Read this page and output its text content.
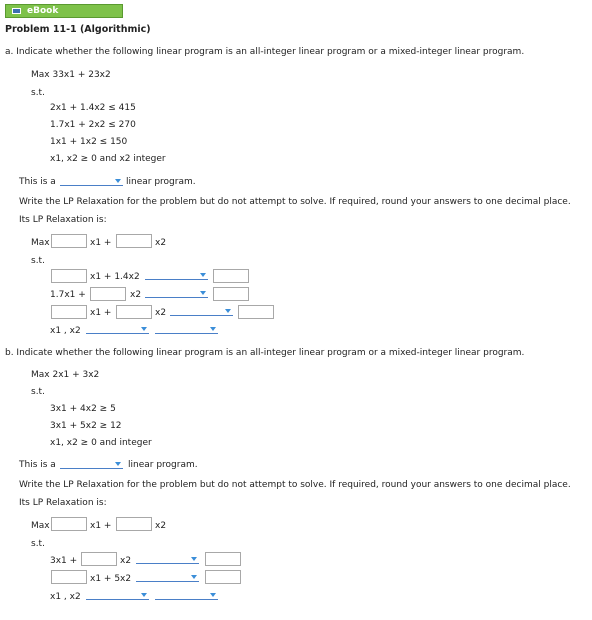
eBook
Problem 11-1 (Algorithmic)
a. Indicate whether the following linear program is an all-integer linear program or a mixed-integer linear program.
Max 33x1 + 23x2
s.t.
2x1 + 1.4x2 ≤ 415
1.7x1 + 2x2 ≤ 270
1x1 + 1x2 ≤ 150
x1, x2 ≥ 0 and x2 integer
This is a	linear program.
Write the LP Relaxation for the problem but do not attempt to solve. If required, round your answers to one decimal place.
Its LP Relaxation is:
Max	x1 +	x2
s.t.
x1 + 1.4x2
1.7x1 +	x2
x1 +	x2
x1 , x2
b. Indicate whether the following linear program is an all-integer linear program or a mixed-integer linear program.
Max 2x1 + 3x2
s.t.
3x1 + 4x2 ≥ 5
3x1 + 5x2 ≥ 12
x1, x2 ≥ 0 and integer
This is a	linear program.
Write the LP Relaxation for the problem but do not attempt to solve. If required, round your answers to one decimal place.
Its LP Relaxation is:
Max	x1 +	x2
s.t.
3x1 +	x2
x1 + 5x2
x1 , x2
